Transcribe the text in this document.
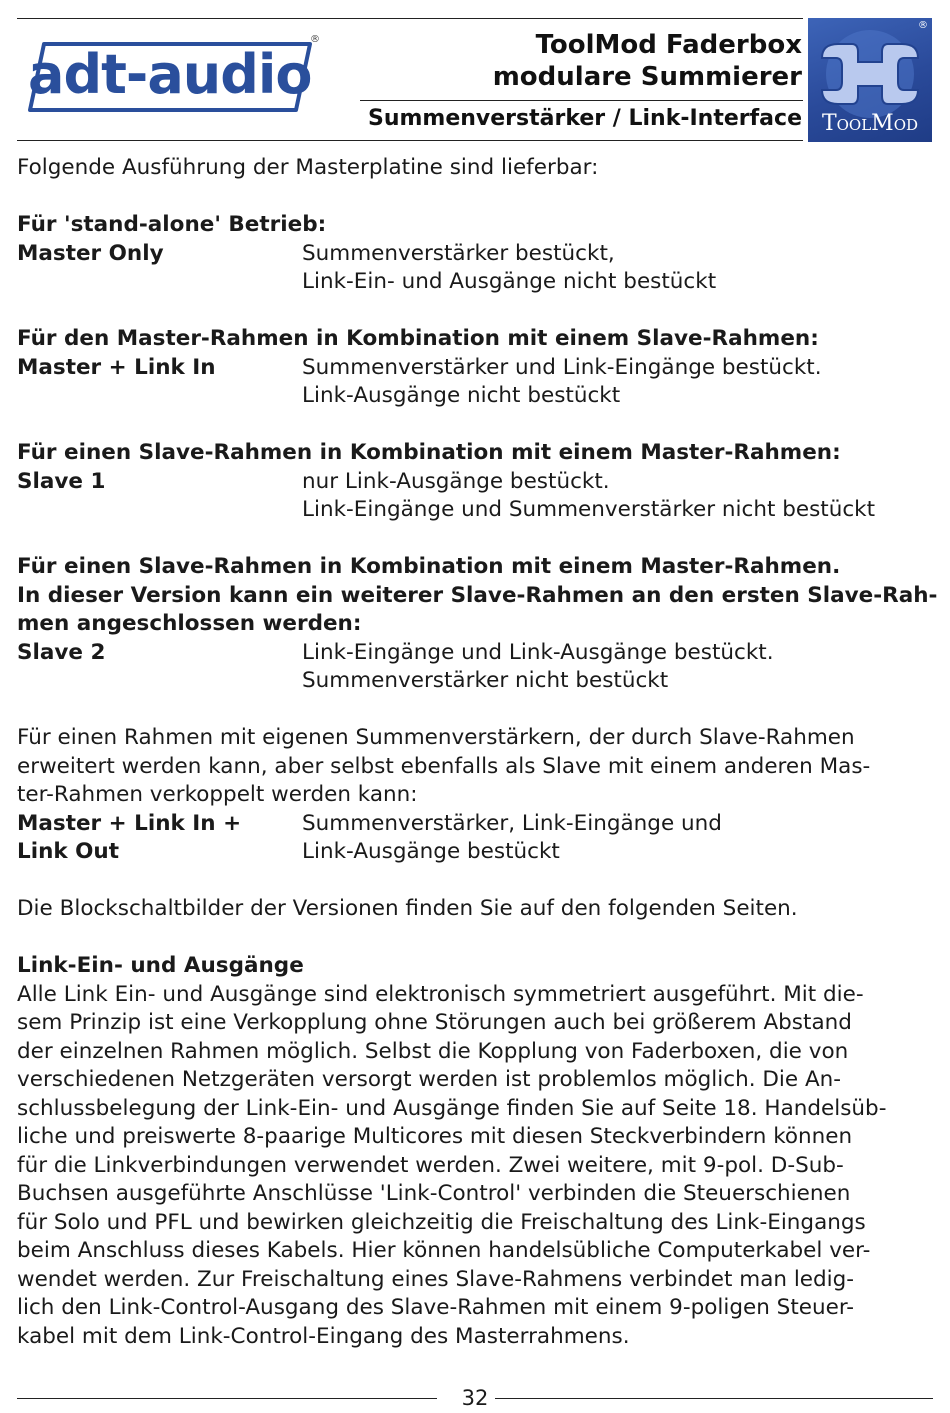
adt-audio
®	ToolMod Faderbox
modulare Summierer
Summenverstärker / Link-Interface ToolMod
®
Folgende Ausführung der Masterplatine sind lieferbar:
Für 'stand-alone' Betrieb:
Master Only	Summenverstärker bestückt,
Link-Ein- und Ausgänge nicht bestückt
Für den Master-Rahmen in Kombination mit einem Slave-Rahmen:
Master + Link In	Summenverstärker und Link-Eingänge bestückt.
Link-Ausgänge nicht bestückt
Für einen Slave-Rahmen in Kombination mit einem Master-Rahmen:
Slave 1	nur Link-Ausgänge bestückt.
Link-Eingänge und Summenverstärker nicht bestückt
Für einen Slave-Rahmen in Kombination mit einem Master-Rahmen.
In dieser Version kann ein weiterer Slave-Rahmen an den ersten Slave-Rah-
men angeschlossen werden:
Slave 2	Link-Eingänge und Link-Ausgänge bestückt.
Summenverstärker nicht bestückt
Für einen Rahmen mit eigenen Summenverstärkern, der durch Slave-Rahmen
erweitert werden kann, aber selbst ebenfalls als Slave mit einem anderen Mas-
ter-Rahmen verkoppelt werden kann:
Master + Link In +	Summenverstärker, Link-Eingänge und
Link Out	Link-Ausgänge bestückt
Die Blockschaltbilder der Versionen finden Sie auf den folgenden Seiten.
Link-Ein- und Ausgänge
Alle Link Ein- und Ausgänge sind elektronisch symmetriert ausgeführt. Mit die-
sem Prinzip ist eine Verkopplung ohne Störungen auch bei größerem Abstand
der einzelnen Rahmen möglich. Selbst die Kopplung von Faderboxen, die von
verschiedenen Netzgeräten versorgt werden ist problemlos möglich. Die An-
schlussbelegung der Link-Ein- und Ausgänge finden Sie auf Seite 18. Handelsüb-
liche und preiswerte 8-paarige Multicores mit diesen Steckverbindern können
für die Linkverbindungen verwendet werden. Zwei weitere, mit 9-pol. D-Sub-
Buchsen ausgeführte Anschlüsse 'Link-Control' verbinden die Steuerschienen
für Solo und PFL und bewirken gleichzeitig die Freischaltung des Link-Eingangs
beim Anschluss dieses Kabels. Hier können handelsübliche Computerkabel ver-
wendet werden. Zur Freischaltung eines Slave-Rahmens verbindet man ledig-
lich den Link-Control-Ausgang des Slave-Rahmen mit einem 9-poligen Steuer-
kabel mit dem Link-Control-Eingang des Masterrahmens.
32
